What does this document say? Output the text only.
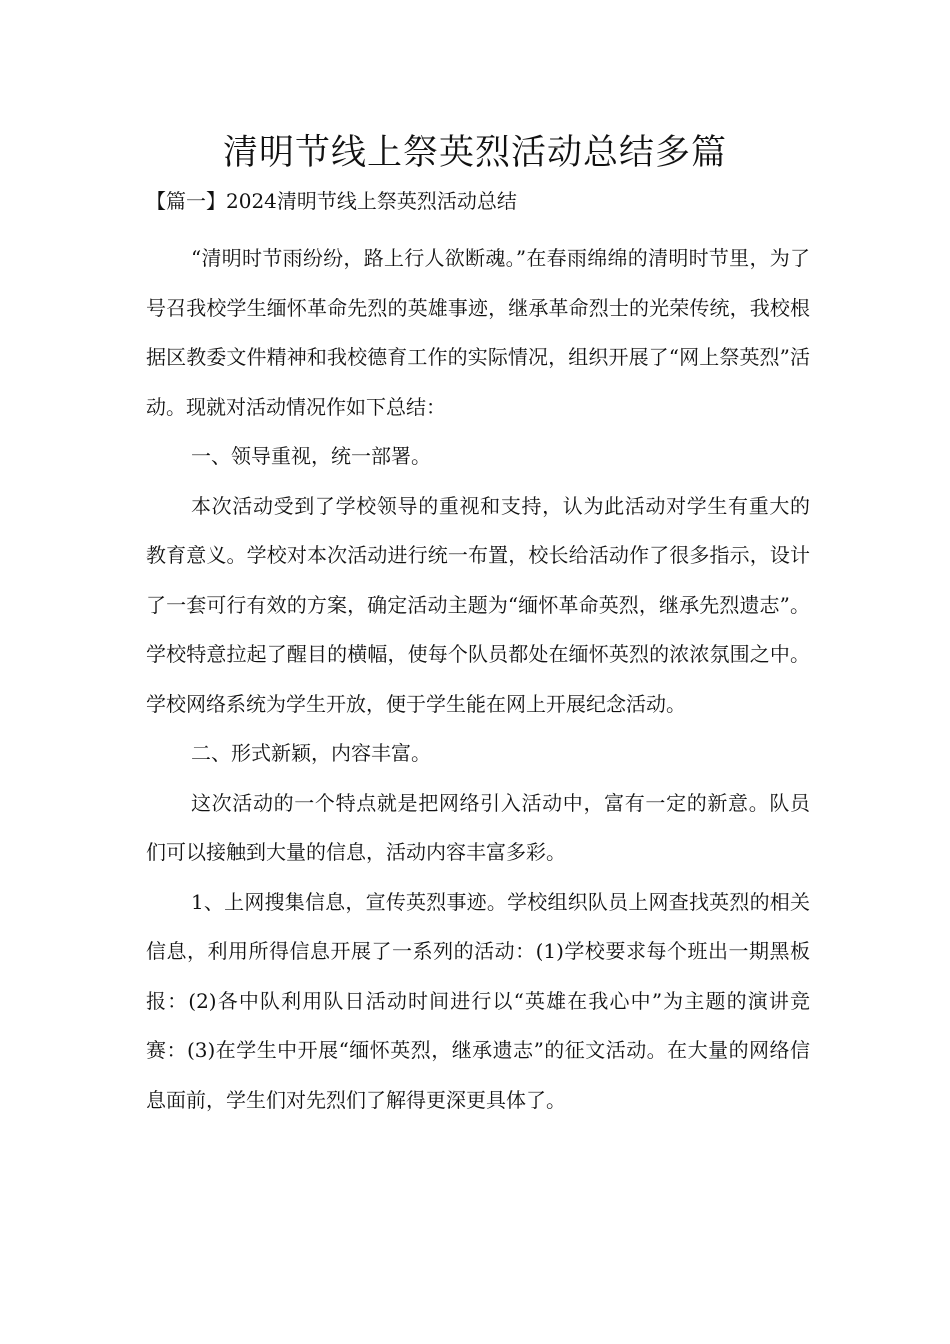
清明节线上祭英烈活动总结多篇
【篇一】2024清明节线上祭英烈活动总结

“清明时节雨纷纷，路上行人欲断魂。”在春雨绵绵的清明时节里，为了号召我校学生缅怀革命先烈的英雄事迹，继承革命烈士的光荣传统，我校根据区教委文件精神和我校德育工作的实际情况，组织开展了“网上祭英烈”活动。现就对活动情况作如下总结：

一、领导重视，统一部署。

本次活动受到了学校领导的重视和支持，认为此活动对学生有重大的教育意义。学校对本次活动进行统一布置，校长给活动作了很多指示，设计了一套可行有效的方案，确定活动主题为“缅怀革命英烈，继承先烈遗志”。学校特意拉起了醒目的横幅，使每个队员都处在缅怀英烈的浓浓氛围之中。学校网络系统为学生开放，便于学生能在网上开展纪念活动。

二、形式新颖，内容丰富。

这次活动的一个特点就是把网络引入活动中，富有一定的新意。队员们可以接触到大量的信息，活动内容丰富多彩。

1、上网搜集信息，宣传英烈事迹。学校组织队员上网查找英烈的相关信息，利用所得信息开展了一系列的活动：(1)学校要求每个班出一期黑板报：(2)各中队利用队日活动时间进行以“英雄在我心中”为主题的演讲竞赛：(3)在学生中开展“缅怀英烈，继承遗志”的征文活动。在大量的网络信息面前，学生们对先烈们了解得更深更具体了。
